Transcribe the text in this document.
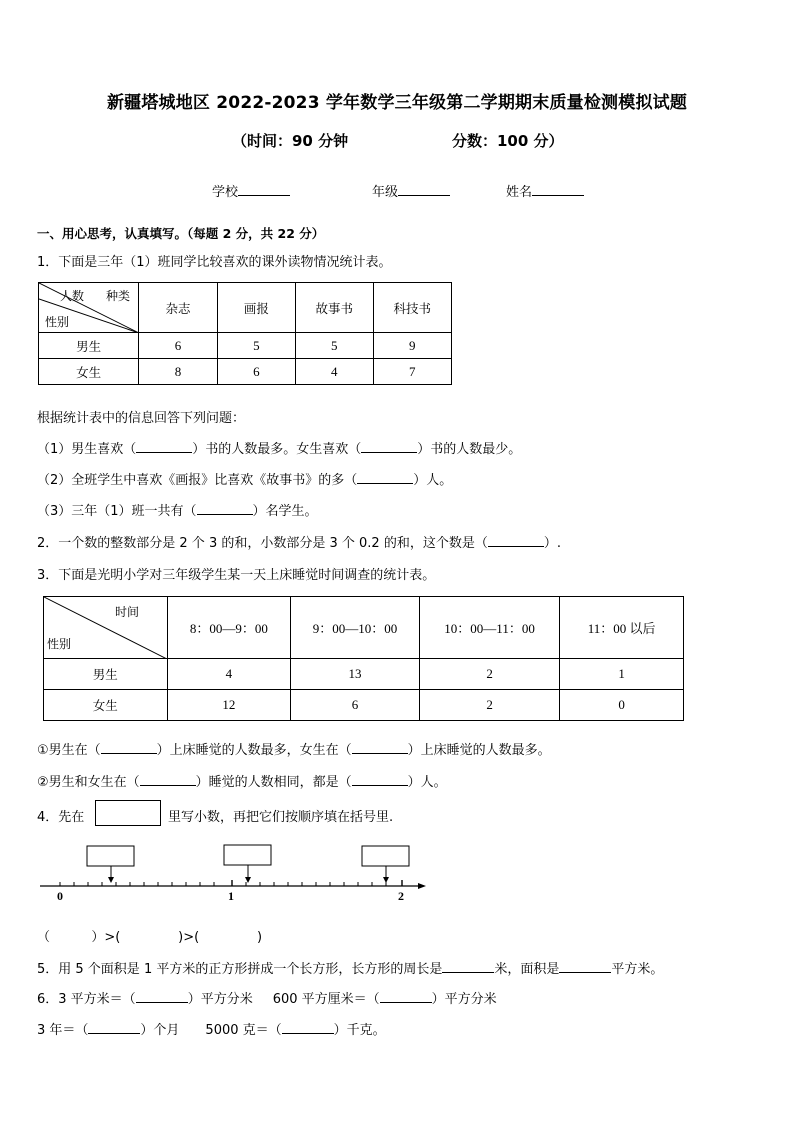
新疆塔城地区 2022-2023 学年数学三年级第二学期期末质量检测模拟试题
（时间：90 分钟	分数：100 分）
学校	年级	姓名
一、用心思考，认真填写。（每题 2 分，共 22 分）
1．下面是三年（1）班同学比较喜欢的课外读物情况统计表。
人数 种类
性别	杂志	画报	故事书	科技书
男生	6	5	5	9
女生	8	6	4	7
根据统计表中的信息回答下列问题：
（1）男生喜欢（	）书的人数最多。女生喜欢（	）书的人数最少。
（2）全班学生中喜欢《画报》比喜欢《故事书》的多（	）人。
（3）三年（1）班一共有（	）名学生。
2．一个数的整数部分是 2 个 3 的和，小数部分是 3 个 0.2 的和，这个数是（	）.
3．下面是光明小学对三年级学生某一天上床睡觉时间调查的统计表。
时间
性别	8：00—9：00	9：00—10：00	10：00—11：00	11：00 以后
男生	4	13	2	1
女生	12	6	2	0
①男生在（	）上床睡觉的人数最多，女生在（	）上床睡觉的人数最多。
②男生和女生在（	）睡觉的人数相同，都是（	）人。
4．先在	里写小数，再把它们按顺序填在括号里.
0	1	2
（          ）>(              )>(              )
5．用 5 个面积是 1 平方米的正方形拼成一个长方形，长方形的周长是	米，面积是	平方米。
6．3 平方米＝（	）平方分米 600 平方厘米＝（	）平方分米
3 年＝（	）个月 5000 克＝（	）千克。
